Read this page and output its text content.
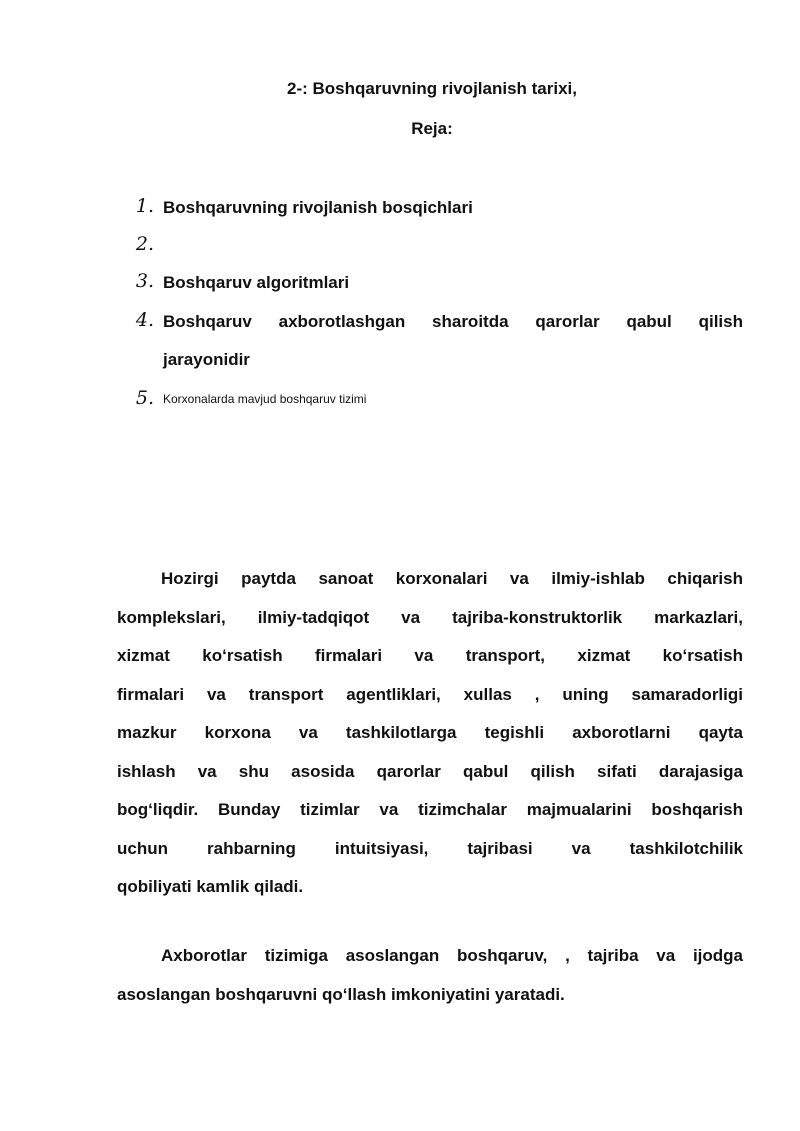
2-: Boshqaruvning rivojlanish tarixi,
Reja:
1. Boshqaruvning rivojlanish bosqichlari
2.
3. Boshqaruv algoritmlari
4. Boshqaruv axborotlashgan sharoitda qarorlar qabul qilish
jarayonidir
5. Korxonalarda mavjud boshqaruv tizimi
Hozirgi paytda sanoat korxonalari va ilmiy-ishlab chiqarish
komplekslari, ilmiy-tadqiqot va tajriba-konstruktorlik markazlari,
xizmat ko‘rsatish firmalari va transport, xizmat ko‘rsatish
firmalari va transport agentliklari, xullas , uning samaradorligi
mazkur korxona va tashkilotlarga tegishli axborotlarni qayta
ishlash va shu asosida qarorlar qabul qilish sifati darajasiga
bog‘liqdir. Bunday tizimlar va tizimchalar majmualarini boshqarish
uchun rahbarning intuitsiyasi, tajribasi va tashkilotchilik
qobiliyati kamlik qiladi.
Axborotlar tizimiga asoslangan boshqaruv, , tajriba va ijodga
asoslangan boshqaruvni qo‘llash imkoniyatini yaratadi.
